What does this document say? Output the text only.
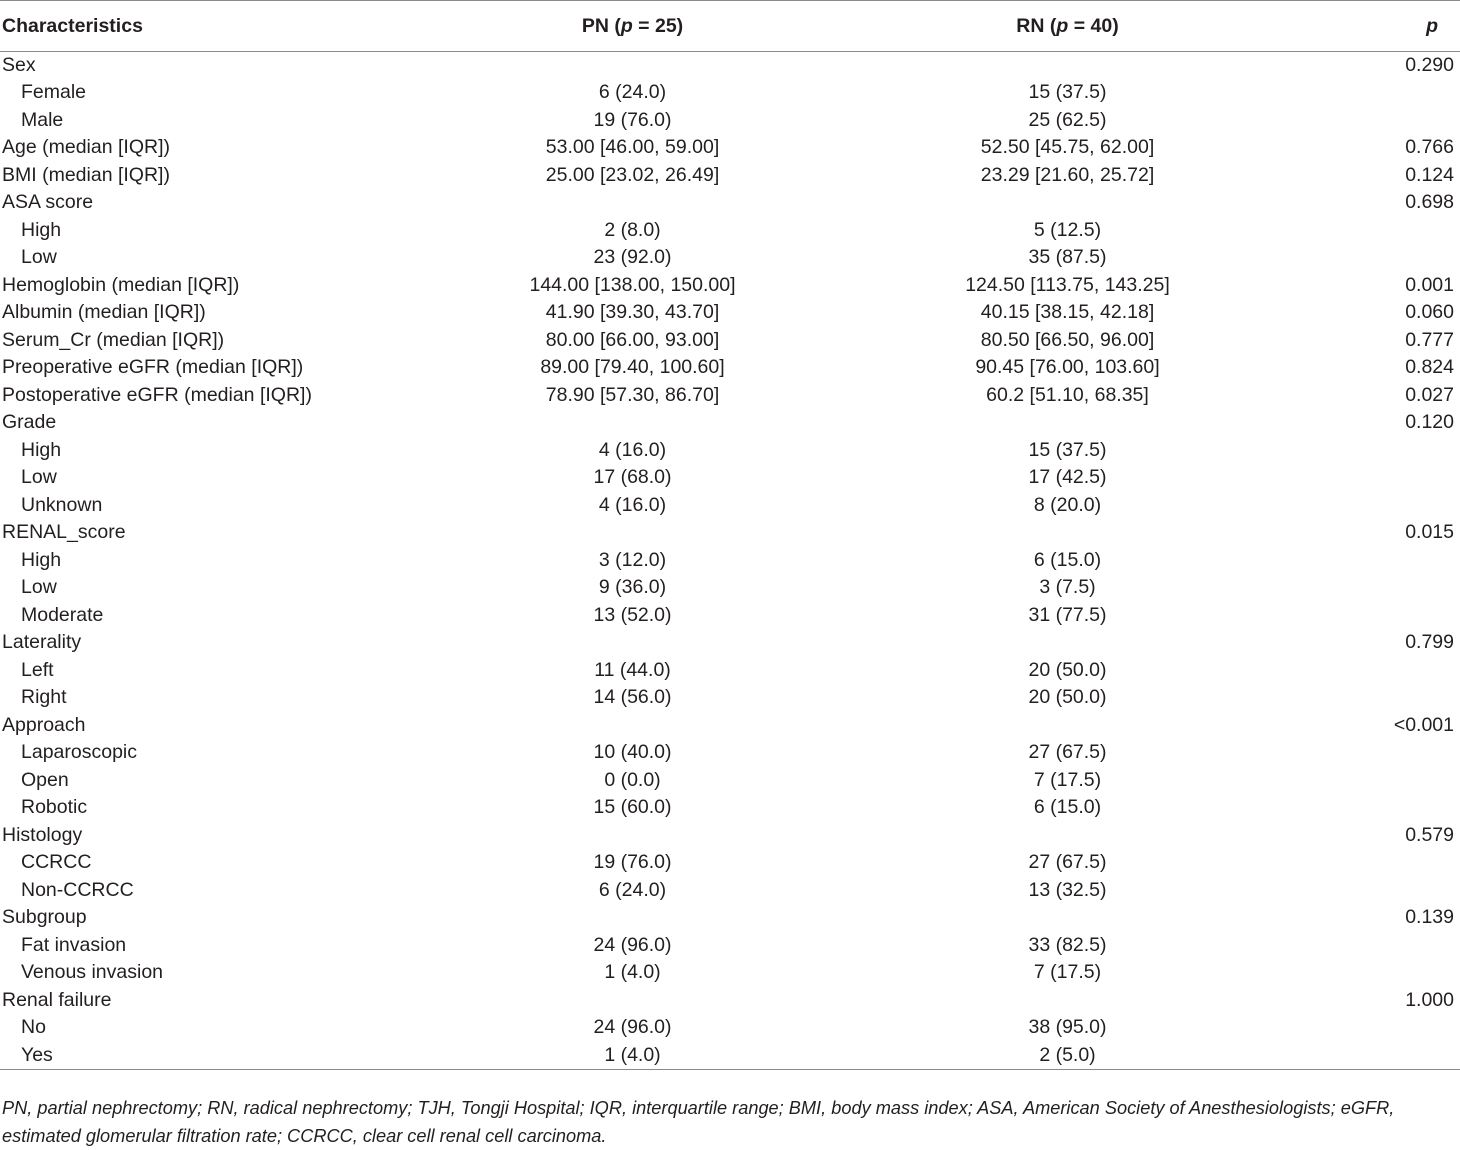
Characteristics	PN (p = 25)	RN (p = 40)	p
Sex			0.290
Female	6 (24.0)	15 (37.5)	
Male	19 (76.0)	25 (62.5)	
Age (median [IQR])	53.00 [46.00, 59.00]	52.50 [45.75, 62.00]	0.766
BMI (median [IQR])	25.00 [23.02, 26.49]	23.29 [21.60, 25.72]	0.124
ASA score			0.698
High	2 (8.0)	5 (12.5)	
Low	23 (92.0)	35 (87.5)	
Hemoglobin (median [IQR])	144.00 [138.00, 150.00]	124.50 [113.75, 143.25]	0.001
Albumin (median [IQR])	41.90 [39.30, 43.70]	40.15 [38.15, 42.18]	0.060
Serum_Cr (median [IQR])	80.00 [66.00, 93.00]	80.50 [66.50, 96.00]	0.777
Preoperative eGFR (median [IQR])	89.00 [79.40, 100.60]	90.45 [76.00, 103.60]	0.824
Postoperative eGFR (median [IQR])	78.90 [57.30, 86.70]	60.2 [51.10, 68.35]	0.027
Grade			0.120
High	4 (16.0)	15 (37.5)	
Low	17 (68.0)	17 (42.5)	
Unknown	4 (16.0)	8 (20.0)	
RENAL_score			0.015
High	3 (12.0)	6 (15.0)	
Low	9 (36.0)	3 (7.5)	
Moderate	13 (52.0)	31 (77.5)	
Laterality			0.799
Left	11 (44.0)	20 (50.0)	
Right	14 (56.0)	20 (50.0)	
Approach			<0.001
Laparoscopic	10 (40.0)	27 (67.5)	
Open	0 (0.0)	7 (17.5)	
Robotic	15 (60.0)	6 (15.0)	
Histology			0.579
CCRCC	19 (76.0)	27 (67.5)	
Non-CCRCC	6 (24.0)	13 (32.5)	
Subgroup			0.139
Fat invasion	24 (96.0)	33 (82.5)	
Venous invasion	1 (4.0)	7 (17.5)	
Renal failure			1.000
No	24 (96.0)	38 (95.0)	
Yes	1 (4.0)	2 (5.0)	
PN, partial nephrectomy; RN, radical nephrectomy; TJH, Tongji Hospital; IQR, interquartile range; BMI, body mass index; ASA, American Society of Anesthesiologists; eGFR, estimated glomerular filtration rate; CCRCC, clear cell renal cell carcinoma.
